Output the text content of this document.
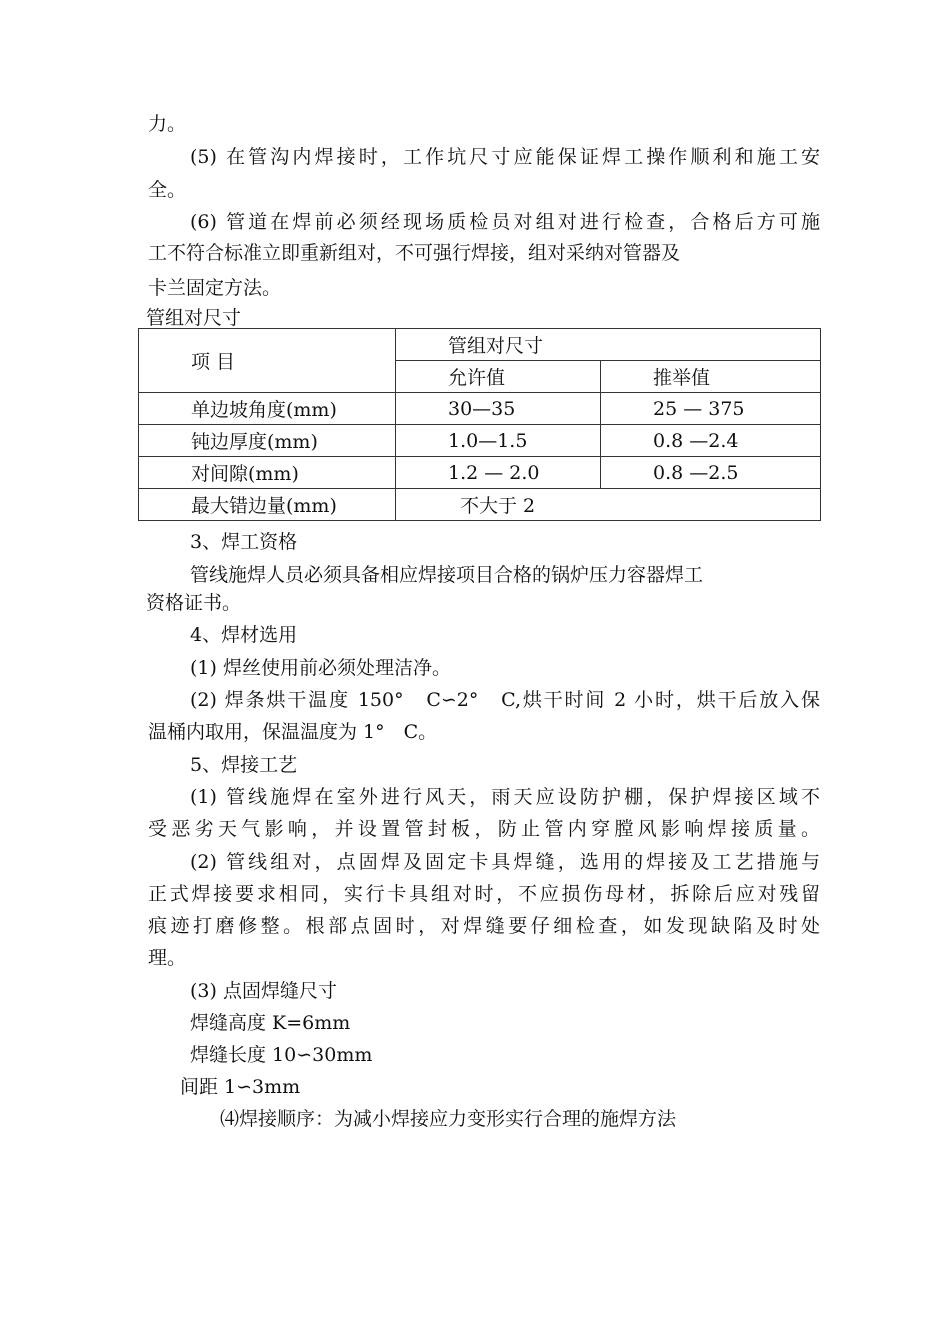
力。
(5) 在管沟内焊接时，工作坑尺寸应能保证焊工操作顺利和施工安
全。
(6) 管道在焊前必须经现场质检员对组对进行检查，合格后方可施
工不符合标准立即重新组对，不可强行焊接，组对采纳对管器及
卡兰固定方法。
管组对尺寸
项 目	管组对尺寸	
	允许值	推举值
单边坡角度(mm)	30—35	25 — 375
钝边厚度(mm)	1.0—1.5	0.8 —2.4
对间隙(mm)	1.2 — 2.0	0.8 —2.5
最大错边量(mm)	不大于 2	
3、焊工资格
管线施焊人员必须具备相应焊接项目合格的锅炉压力容器焊工
资格证书。
4、焊材选用
(1) 焊丝使用前必须处理洁净。
(2) 焊条烘干温度 150°　C∽2°　C,烘干时间 2 小时，烘干后放入保
温桶内取用，保温温度为 1°　C。
5、焊接工艺
(1) 管线施焊在室外进行风天，雨天应设防护棚，保护焊接区域不
受恶劣天气影响，并设置管封板，防止管内穿膛风影响焊接质量。
(2) 管线组对，点固焊及固定卡具焊缝，选用的焊接及工艺措施与
正式焊接要求相同，实行卡具组对时，不应损伤母材，拆除后应对残留
痕迹打磨修整。根部点固时，对焊缝要仔细检查，如发现缺陷及时处
理。
(3) 点固焊缝尺寸
焊缝高度 K=6mm
焊缝长度 10∽30mm
间距 1∽3mm
⑷焊接顺序：为减小焊接应力变形实行合理的施焊方法
